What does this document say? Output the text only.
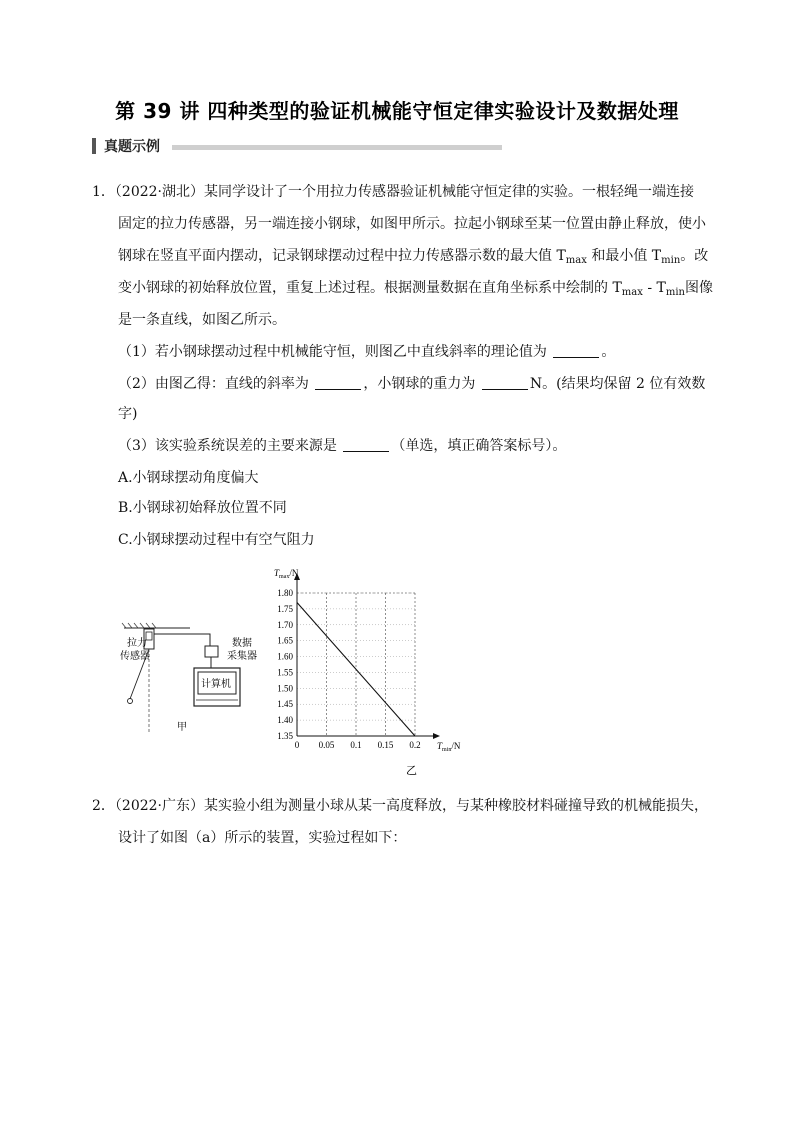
第 39 讲 四种类型的验证机械能守恒定律实验设计及数据处理
真题示例
1．（2022·湖北）某同学设计了一个用拉力传感器验证机械能守恒定律的实验。一根轻绳一端连接
固定的拉力传感器，另一端连接小钢球，如图甲所示。拉起小钢球至某一位置由静止释放，使小
钢球在竖直平面内摆动，记录钢球摆动过程中拉力传感器示数的最大值 $T_{max}$ 和最小值 $T_{min}$。改
变小钢球的初始释放位置，重复上述过程。根据测量数据在直角坐标系中绘制的 $T_{max} - T_{min}$图像
是一条直线，如图乙所示。
（1）若小钢球摆动过程中机械能守恒，则图乙中直线斜率的理论值为	。
（2）由图乙得：直线的斜率为	，小钢球的重力为	N。(结果均保留 2 位有效数
字)
（3）该实验系统误差的主要来源是	（单选，填正确答案标号）。
A.小钢球摆动角度偏大
B.小钢球初始释放位置不同
C.小钢球摆动过程中有空气阻力
拉力
传感器
数据
采集器
计算机
甲
1.35
1.40
1.45
1.50
1.55
1.60
1.65
1.70
1.75
1.80
0 0.05 0.1 0.15 0.2
$T_{max}/N$
$T_{min}/N$
乙
2．（2022·广东）某实验小组为测量小球从某一高度释放，与某种橡胶材料碰撞导致的机械能损失，
设计了如图（a）所示的装置，实验过程如下：
